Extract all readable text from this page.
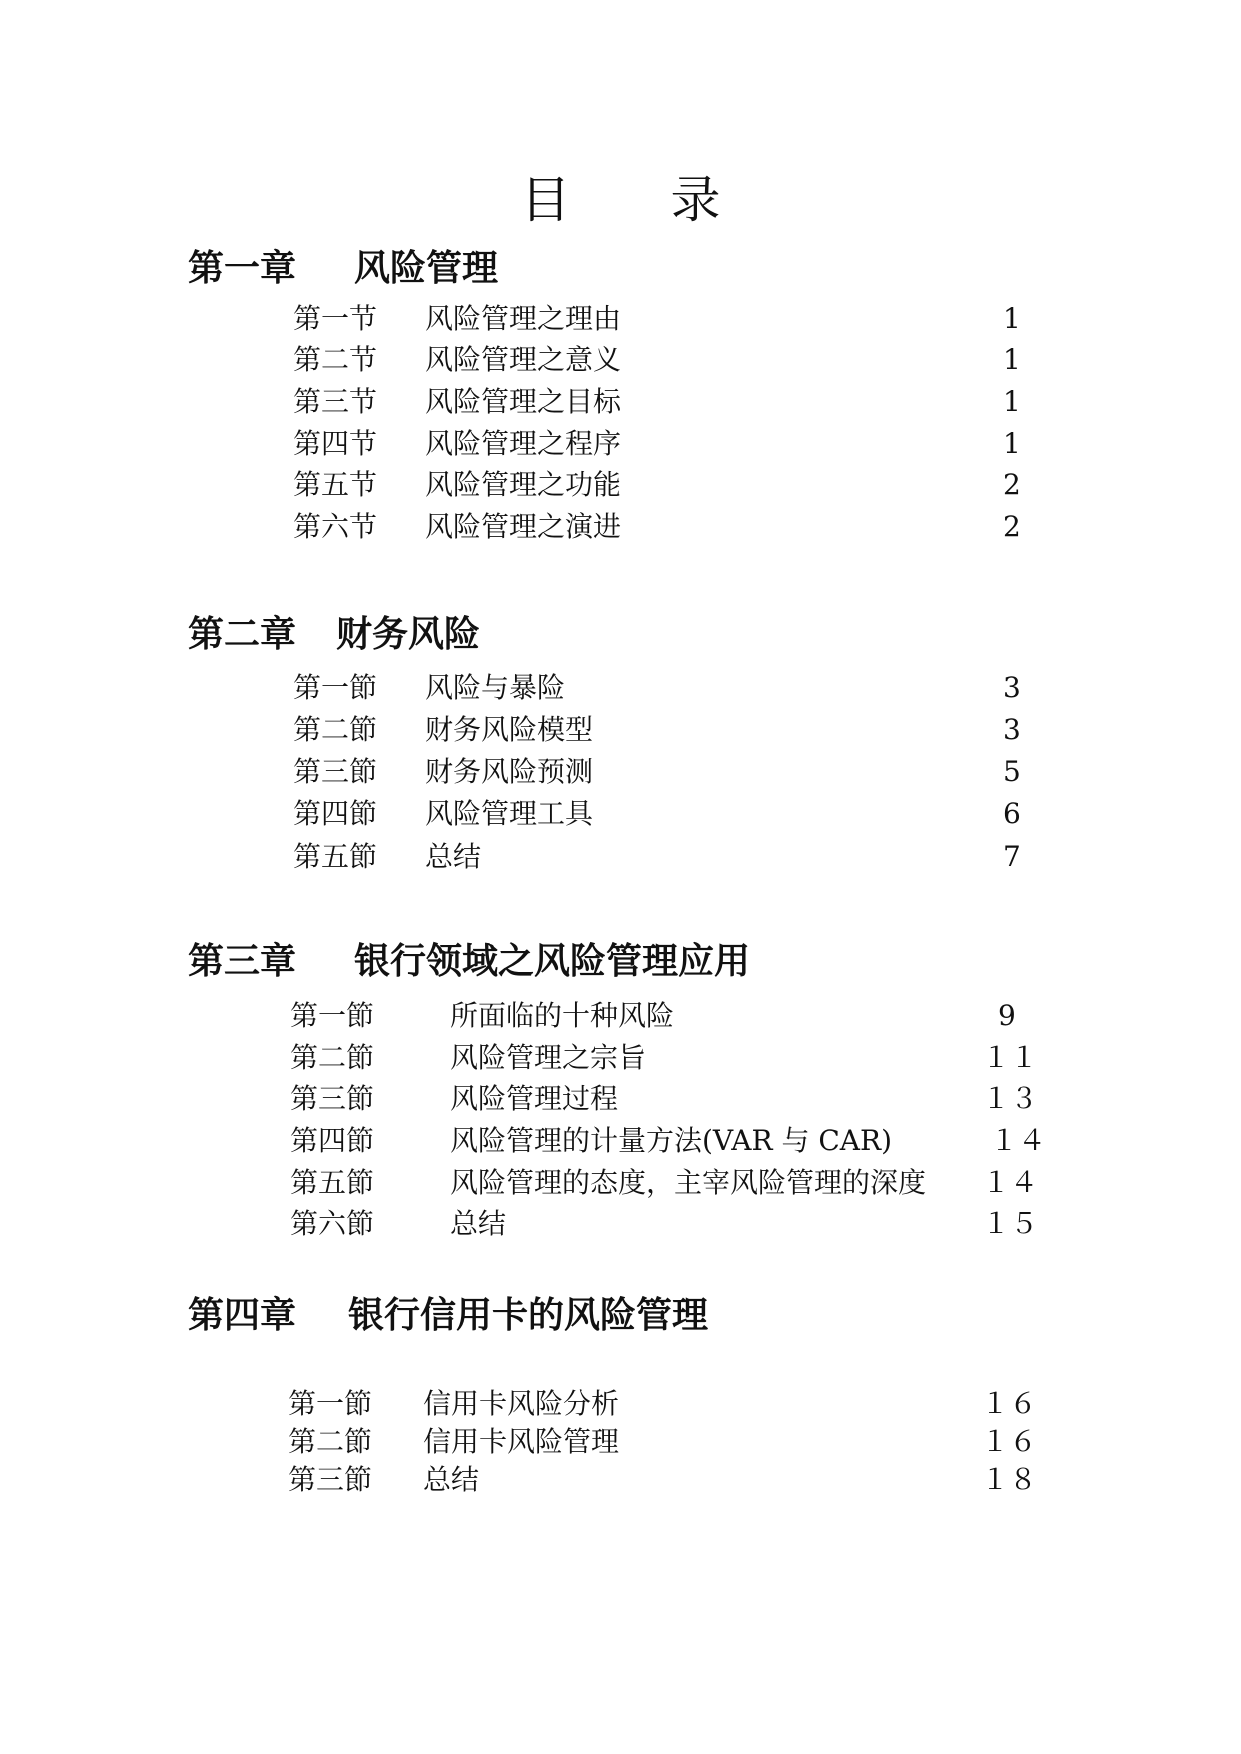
目 录
第一章 风险管理
第一节 风险管理之理由	1
第二节 风险管理之意义	1
第三节 风险管理之目标	1
第四节 风险管理之程序	1
第五节 风险管理之功能	2
第六节 风险管理之演进	2
第二章 财务风险
第一節 风险与暴险	3
第二節 财务风险模型	3
第三節 财务风险预测	5
第四節 风险管理工具	6
第五節 总结	7
第三章 银行领域之风险管理应用
第一節	所面临的十种风险	9
第二節	风险管理之宗旨	１１
第三節	风险管理过程	１３
第四節	风险管理的计量方法(VAR 与 CAR)	１４
第五節	风险管理的态度，主宰风险管理的深度 １４
第六節	总结	１５
第四章 银行信用卡的风险管理
第一節 信用卡风险分析	１６
第二節 信用卡风险管理	１６
第三節 总结	１８
